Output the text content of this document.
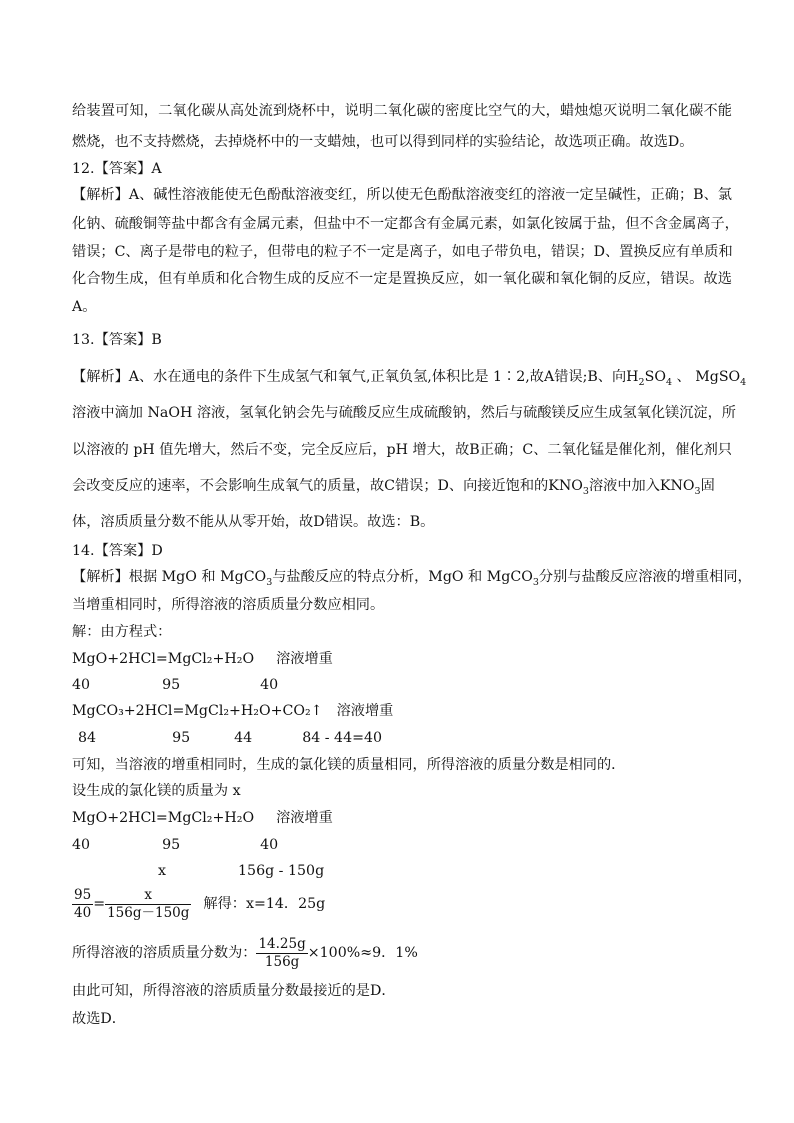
给装置可知，二氧化碳从高处流到烧杯中，说明二氧化碳的密度比空气的大，蜡烛熄灭说明二氧化碳不能
燃烧，也不支持燃烧，去掉烧杯中的一支蜡烛，也可以得到同样的实验结论，故选项正确。故选D。
12.【答案】A
【解析】A、碱性溶液能使无色酚酞溶液变红，所以使无色酚酞溶液变红的溶液一定呈碱性，正确；B、氯
化钠、硫酸铜等盐中都含有金属元素，但盐中不一定都含有金属元素，如氯化铵属于盐，但不含金属离子，
错误；C、离子是带电的粒子，但带电的粒子不一定是离子，如电子带负电，错误；D、置换反应有单质和
化合物生成，但有单质和化合物生成的反应不一定是置换反应，如一氧化碳和氧化铜的反应，错误。故选
A。
13.【答案】B
【解析】A、水在通电的条件下生成氢气和氧气,正氧负氢,体积比是 1∶2,故A错误;B、向$H_2SO_4$ 、 MgSO$_4$
溶液中滴加 NaOH 溶液，氢氧化钠会先与硫酸反应生成硫酸钠，然后与硫酸镁反应生成氢氧化镁沉淀，所
以溶液的 pH 值先增大，然后不变，完全反应后，pH 增大，故B正确；C、二氧化锰是催化剂，催化剂只
会改变反应的速率，不会影响生成氧气的质量，故C错误；D、向接近饱和的$KNO_3$溶液中加入$KNO_3$固
体，溶质质量分数不能从从零开始，故D错误。故选：B。
14.【答案】D
【解析】根据 MgO 和 MgCO$_3$与盐酸反应的特点分析，MgO 和 MgCO$_3$分别与盐酸反应溶液的增重相同，
当增重相同时，所得溶液的溶质质量分数应相同。
解：由方程式：
MgO+2HCl=MgCl₂+H₂O 溶液增重
40	95	40
MgCO₃+2HCl=MgCl₂+H₂O+CO₂↑ 溶液增重
84	95	44	84 - 44=40
可知，当溶液的增重相同时，生成的氯化镁的质量相同，所得溶液的质量分数是相同的．
设生成的氯化镁的质量为 x
MgO+2HCl=MgCl₂+H₂O 溶液增重
40	95	40
x	156g - 150g
$\frac{95}{40} = \frac{x}{156g-150g}$ 解得：x=14．25g
所得溶液的溶质质量分数为： $\frac{14.25g}{156g} \times 100\%\approx 9$．1%
由此可知，所得溶液的溶质质量分数最接近的是D．
故选D．
